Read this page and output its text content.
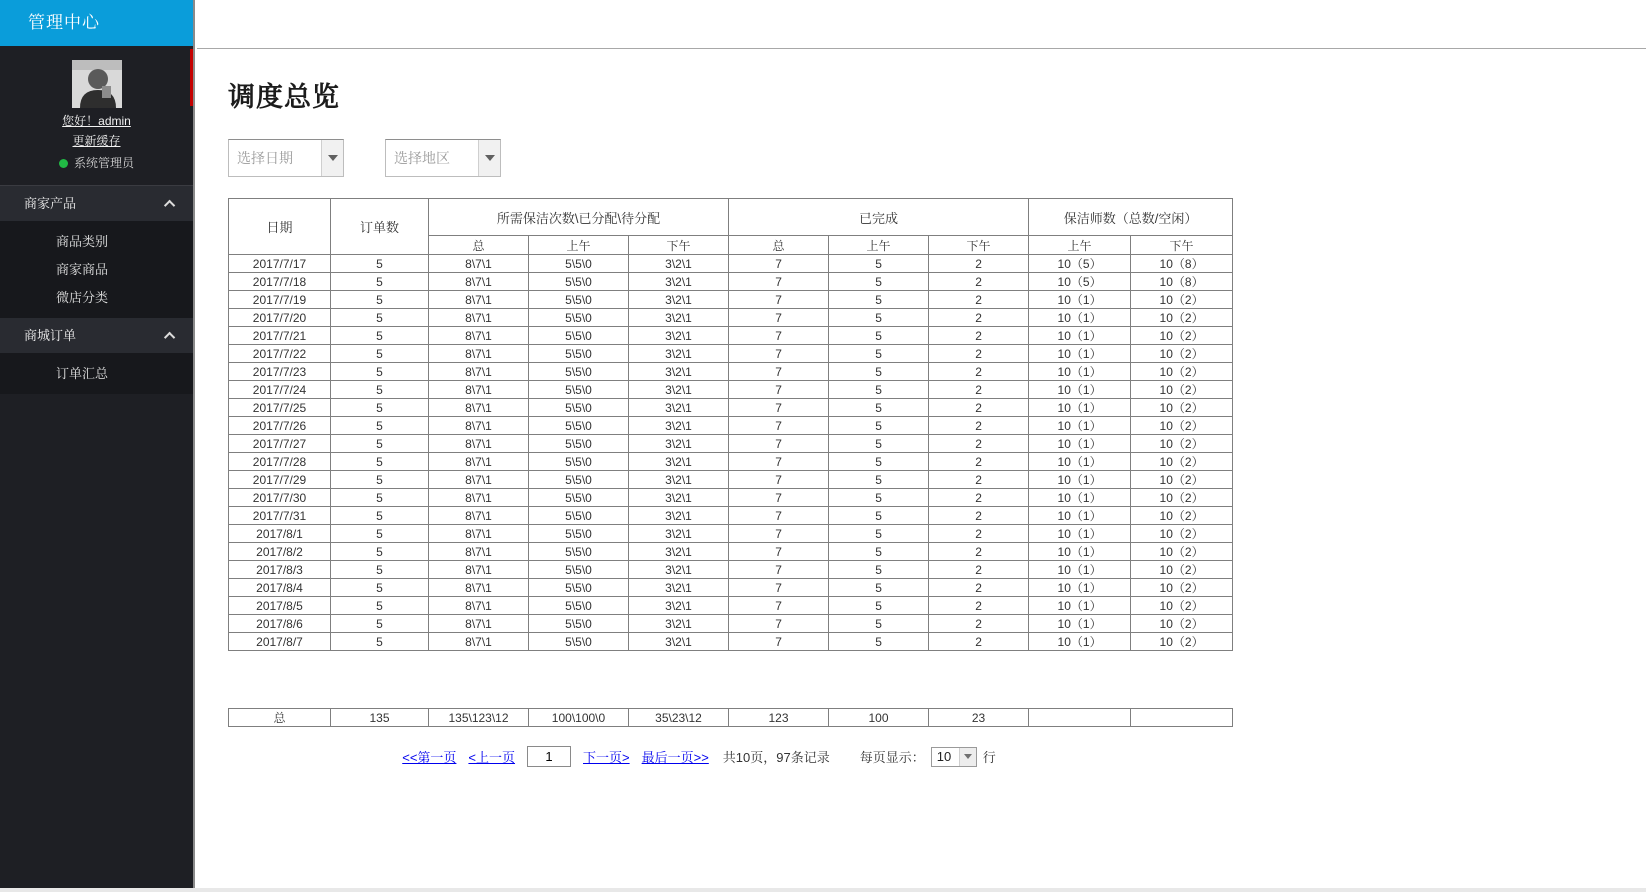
管理中心
您好！admin
更新缓存
系统管理员
商家产品
商品类别
商家商品
微店分类
商城订单
订单汇总
调度总览
选择日期	选择地区
日期	订单数	所需保洁次数\已分配\待分配			已完成			保洁师数（总数/空闲）	
		总	上午	下午	总	上午	下午	上午	下午
2017/7/17	5	8\7\1	5\5\0	3\2\1	7	5	2	10（5）	10（8）
2017/7/18	5	8\7\1	5\5\0	3\2\1	7	5	2	10（5）	10（8）
2017/7/19	5	8\7\1	5\5\0	3\2\1	7	5	2	10（1）	10（2）
2017/7/20	5	8\7\1	5\5\0	3\2\1	7	5	2	10（1）	10（2）
2017/7/21	5	8\7\1	5\5\0	3\2\1	7	5	2	10（1）	10（2）
2017/7/22	5	8\7\1	5\5\0	3\2\1	7	5	2	10（1）	10（2）
2017/7/23	5	8\7\1	5\5\0	3\2\1	7	5	2	10（1）	10（2）
2017/7/24	5	8\7\1	5\5\0	3\2\1	7	5	2	10（1）	10（2）
2017/7/25	5	8\7\1	5\5\0	3\2\1	7	5	2	10（1）	10（2）
2017/7/26	5	8\7\1	5\5\0	3\2\1	7	5	2	10（1）	10（2）
2017/7/27	5	8\7\1	5\5\0	3\2\1	7	5	2	10（1）	10（2）
2017/7/28	5	8\7\1	5\5\0	3\2\1	7	5	2	10（1）	10（2）
2017/7/29	5	8\7\1	5\5\0	3\2\1	7	5	2	10（1）	10（2）
2017/7/30	5	8\7\1	5\5\0	3\2\1	7	5	2	10（1）	10（2）
2017/7/31	5	8\7\1	5\5\0	3\2\1	7	5	2	10（1）	10（2）
2017/8/1	5	8\7\1	5\5\0	3\2\1	7	5	2	10（1）	10（2）
2017/8/2	5	8\7\1	5\5\0	3\2\1	7	5	2	10（1）	10（2）
2017/8/3	5	8\7\1	5\5\0	3\2\1	7	5	2	10（1）	10（2）
2017/8/4	5	8\7\1	5\5\0	3\2\1	7	5	2	10（1）	10（2）
2017/8/5	5	8\7\1	5\5\0	3\2\1	7	5	2	10（1）	10（2）
2017/8/6	5	8\7\1	5\5\0	3\2\1	7	5	2	10（1）	10（2）
2017/8/7	5	8\7\1	5\5\0	3\2\1	7	5	2	10（1）	10（2）
总	135	135\123\12	100\100\0	35\23\12	123	100	23		
<<第一页 <上一页
1	下一页> 最后一页>> 共10页，97条记录 每页显示： 10	行
